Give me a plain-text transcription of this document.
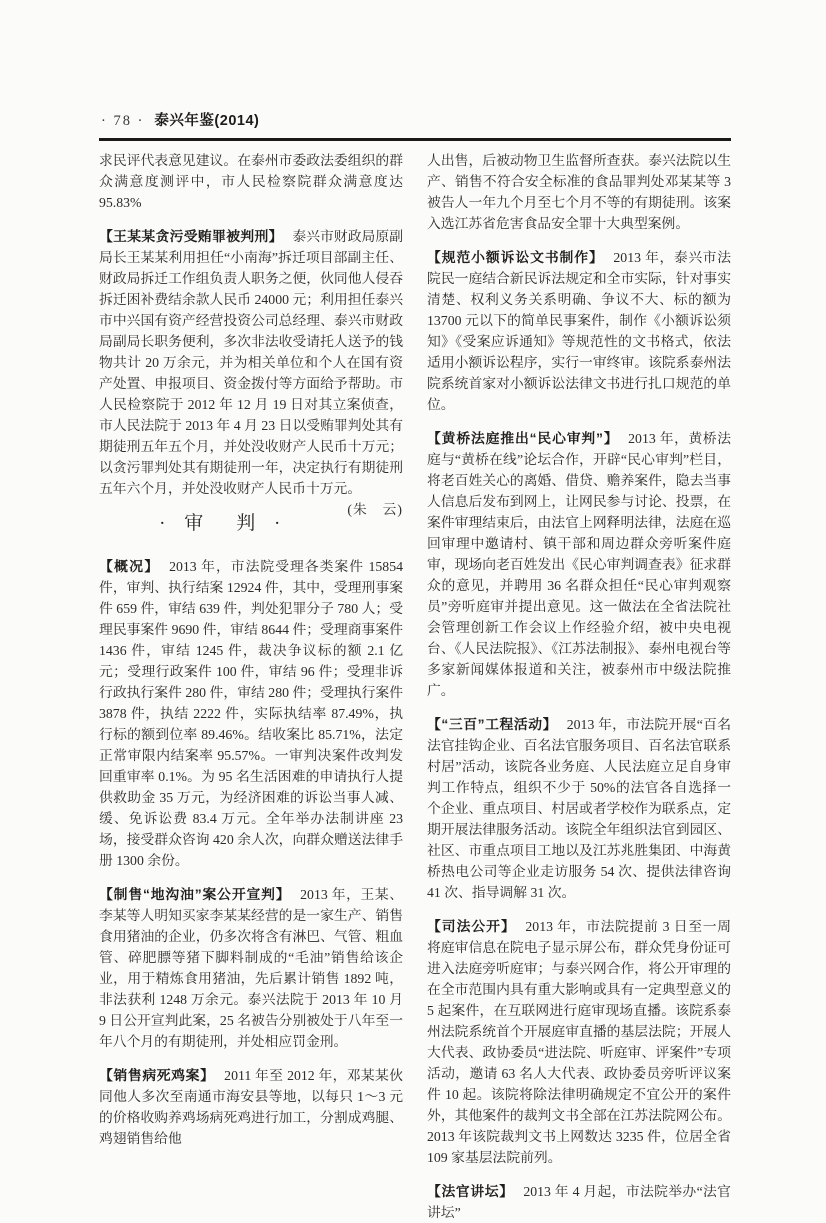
· 78 · 泰兴年鉴(2014)

求民评代表意见建议。在泰州市委政法委组织的群众满意度测评中，市人民检察院群众满意度达95.83%

【王某某贪污受贿罪被判刑】 泰兴市财政局原副局长王某某利用担任“小南海”拆迁项目部副主任、财政局拆迁工作组负责人职务之便，伙同他人侵吞拆迁困补费结余款人民币 24000 元；利用担任泰兴市中兴国有资产经营投资公司总经理、泰兴市财政局副局长职务便利，多次非法收受请托人送予的钱物共计 20 万余元，并为相关单位和个人在国有资产处置、申报项目、资金拨付等方面给予帮助。市人民检察院于 2012 年 12 月 19 日对其立案侦查，市人民法院于 2013 年 4 月 23 日以受贿罪判处其有期徒刑五年五个月，并处没收财产人民币十万元；以贪污罪判处其有期徒刑一年，决定执行有期徒刑五年六个月，并处没收财产人民币十万元。
(朱　云)

· 审　判 ·

【概况】 2013 年，市法院受理各类案件 15854 件，审判、执行结案 12924 件，其中，受理刑事案件 659 件，审结 639 件，判处犯罪分子 780 人；受理民事案件 9690 件，审结 8644 件；受理商事案件 1436 件，审结 1245 件，裁决争议标的额 2.1 亿元；受理行政案件 100 件，审结 96 件；受理非诉行政执行案件 280 件，审结 280 件；受理执行案件 3878 件，执结 2222 件，实际执结率 87.49%，执行标的额到位率 89.46%。结收案比 85.71%，法定正常审限内结案率 95.57%。一审判决案件改判发回重审率 0.1%。为 95 名生活困难的申请执行人提供救助金 35 万元，为经济困难的诉讼当事人减、缓、免诉讼费 83.4 万元。全年举办法制讲座 23 场，接受群众咨询 420 余人次，向群众赠送法律手册 1300 余份。

【制售“地沟油”案公开宣判】 2013 年，王某、李某等人明知买家李某某经营的是一家生产、销售食用猪油的企业，仍多次将含有淋巴、气管、粗血管、碎肥膘等猪下脚料制成的“毛油”销售给该企业，用于精炼食用猪油，先后累计销售 1892 吨，非法获利 1248 万余元。泰兴法院于 2013 年 10 月 9 日公开宣判此案，25 名被告分别被处于八年至一年八个月的有期徒刑，并处相应罚金刑。

【销售病死鸡案】 2011 年至 2012 年，邓某某伙同他人多次至南通市海安县等地，以每只 1～3 元的价格收购养鸡场病死鸡进行加工，分割成鸡腿、鸡翅销售给他

人出售，后被动物卫生监督所查获。泰兴法院以生产、销售不符合安全标准的食品罪判处邓某某等 3 被告人一年九个月至七个月不等的有期徒刑。该案入选江苏省危害食品安全罪十大典型案例。

【规范小额诉讼文书制作】 2013 年，泰兴市法院民一庭结合新民诉法规定和全市实际，针对事实清楚、权利义务关系明确、争议不大、标的额为 13700 元以下的简单民事案件，制作《小额诉讼须知》《受案应诉通知》等规范性的文书格式，依法适用小额诉讼程序，实行一审终审。该院系泰州法院系统首家对小额诉讼法律文书进行扎口规范的单位。

【黄桥法庭推出“民心审判”】 2013 年，黄桥法庭与“黄桥在线”论坛合作，开辟“民心审判”栏目，将老百姓关心的离婚、借贷、赡养案件，隐去当事人信息后发布到网上，让网民参与讨论、投票，在案件审理结束后，由法官上网释明法律，法庭在巡回审理中邀请村、镇干部和周边群众旁听案件庭审，现场向老百姓发出《民心审判调查表》征求群众的意见，并聘用 36 名群众担任“民心审判观察员”旁听庭审并提出意见。这一做法在全省法院社会管理创新工作会议上作经验介绍，被中央电视台、《人民法院报》、《江苏法制报》、泰州电视台等多家新闻媒体报道和关注，被泰州市中级法院推广。

【“三百”工程活动】 2013 年，市法院开展“百名法官挂钩企业、百名法官服务项目、百名法官联系村居”活动，该院各业务庭、人民法庭立足自身审判工作特点，组织不少于 50%的法官各自选择一个企业、重点项目、村居或者学校作为联系点，定期开展法律服务活动。该院全年组织法官到园区、社区、市重点项目工地以及江苏兆胜集团、中海黄桥热电公司等企业走访服务 54 次、提供法律咨询 41 次、指导调解 31 次。

【司法公开】 2013 年，市法院提前 3 日至一周将庭审信息在院电子显示屏公布，群众凭身份证可进入法庭旁听庭审；与泰兴网合作，将公开审理的在全市范围内具有重大影响或具有一定典型意义的 5 起案件，在互联网进行庭审现场直播。该院系泰州法院系统首个开展庭审直播的基层法院；开展人大代表、政协委员“进法院、听庭审、评案件”专项活动，邀请 63 名人大代表、政协委员旁听评议案件 10 起。该院将除法律明确规定不宜公开的案件外，其他案件的裁判文书全部在江苏法院网公布。2013 年该院裁判文书上网数达 3235 件，位居全省 109 家基层法院前列。

【法官讲坛】 2013 年 4 月起，市法院举办“法官讲坛”
